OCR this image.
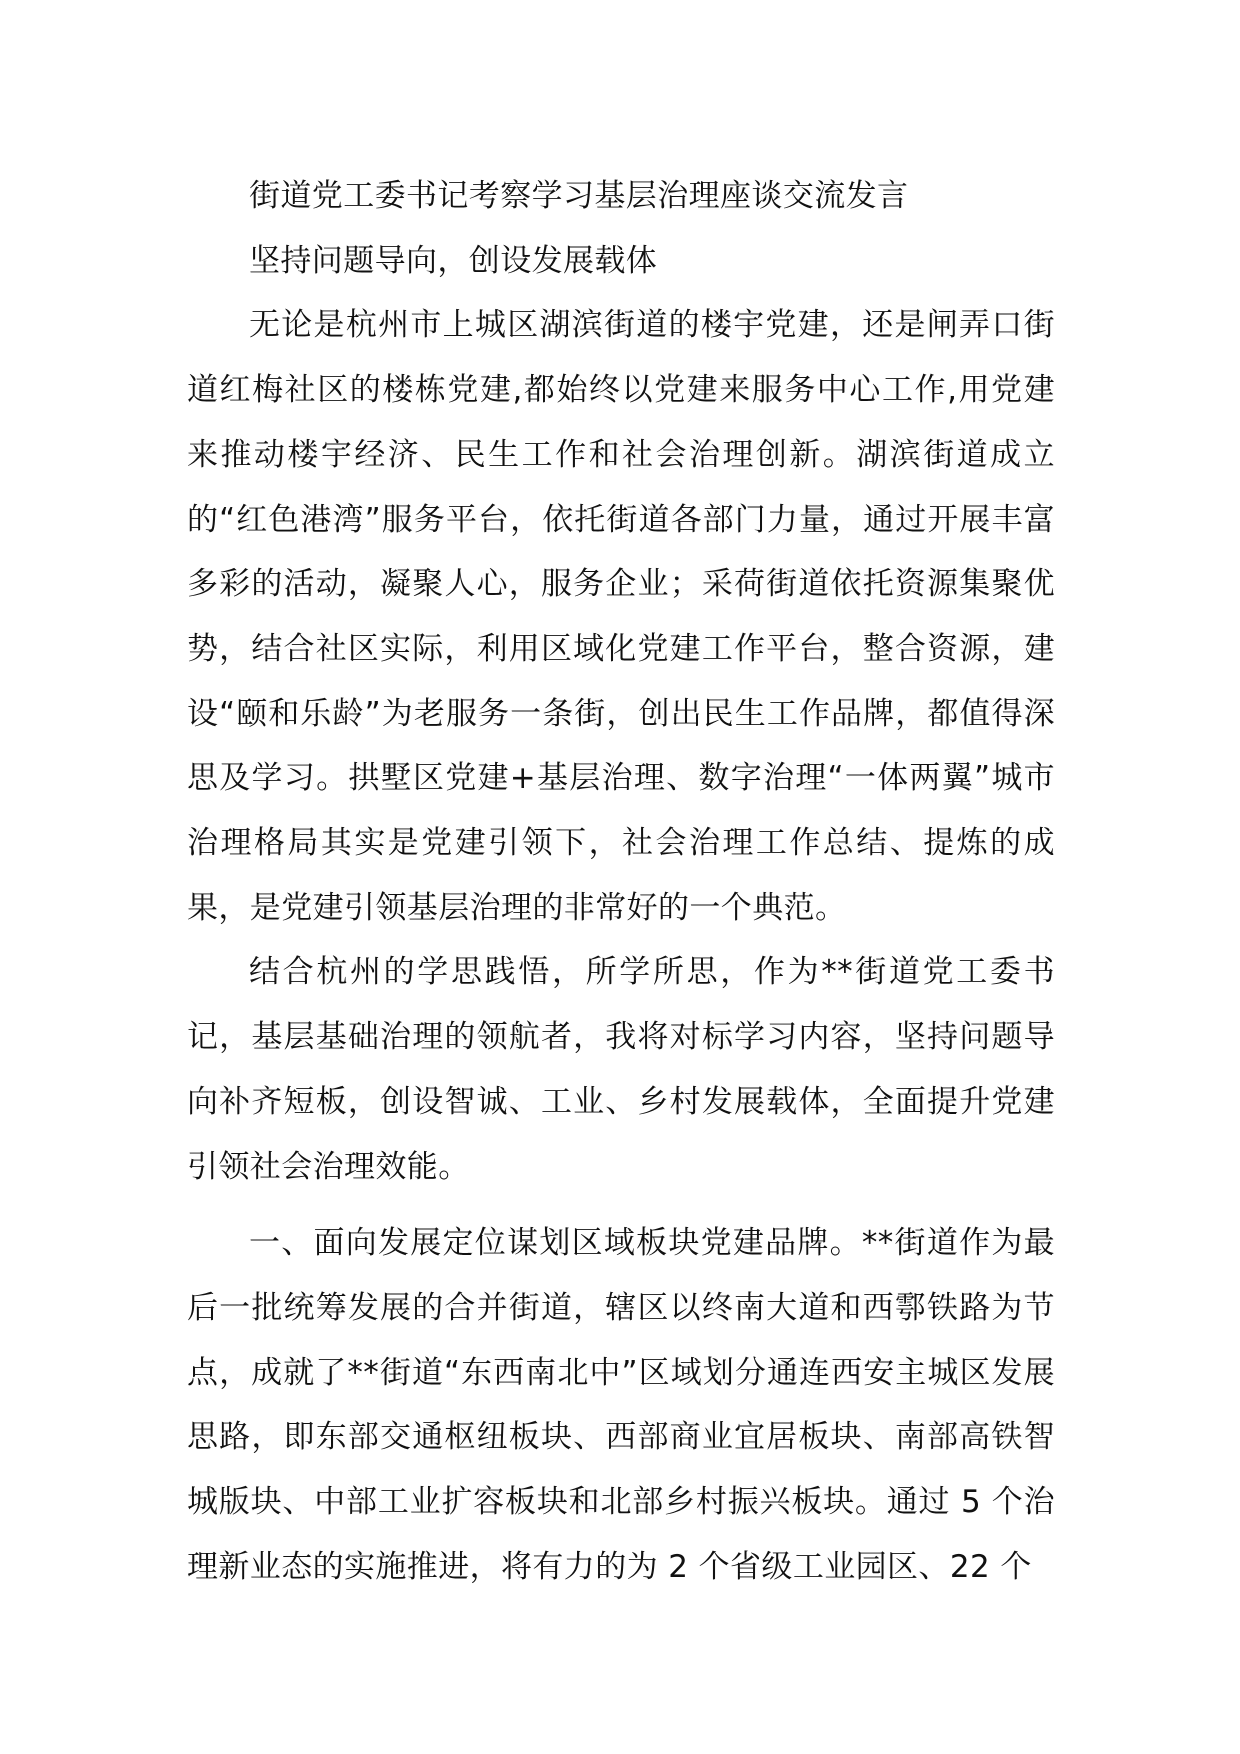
街道党工委书记考察学习基层治理座谈交流发言

坚持问题导向，创设发展载体

无论是杭州市上城区湖滨街道的楼宇党建，还是闸弄口街道红梅社区的楼栋党建,都始终以党建来服务中心工作,用党建来推动楼宇经济、民生工作和社会治理创新。湖滨街道成立的“红色港湾”服务平台，依托街道各部门力量，通过开展丰富多彩的活动，凝聚人心，服务企业；采荷街道依托资源集聚优势，结合社区实际，利用区域化党建工作平台，整合资源，建设“颐和乐龄”为老服务一条街，创出民生工作品牌，都值得深思及学习。拱墅区党建+基层治理、数字治理“一体两翼”城市治理格局其实是党建引领下，社会治理工作总结、提炼的成果，是党建引领基层治理的非常好的一个典范。

结合杭州的学思践悟，所学所思，作为**街道党工委书记，基层基础治理的领航者，我将对标学习内容，坚持问题导向补齐短板，创设智诚、工业、乡村发展载体，全面提升党建引领社会治理效能。

一、面向发展定位谋划区域板块党建品牌。**街道作为最后一批统筹发展的合并街道，辖区以终南大道和西鄠铁路为节点，成就了**街道“东西南北中”区域划分通连西安主城区发展思路，即东部交通枢纽板块、西部商业宜居板块、南部高铁智城版块、中部工业扩容板块和北部乡村振兴板块。通过 5 个治理新业态的实施推进，将有力的为 2 个省级工业园区、22 个
